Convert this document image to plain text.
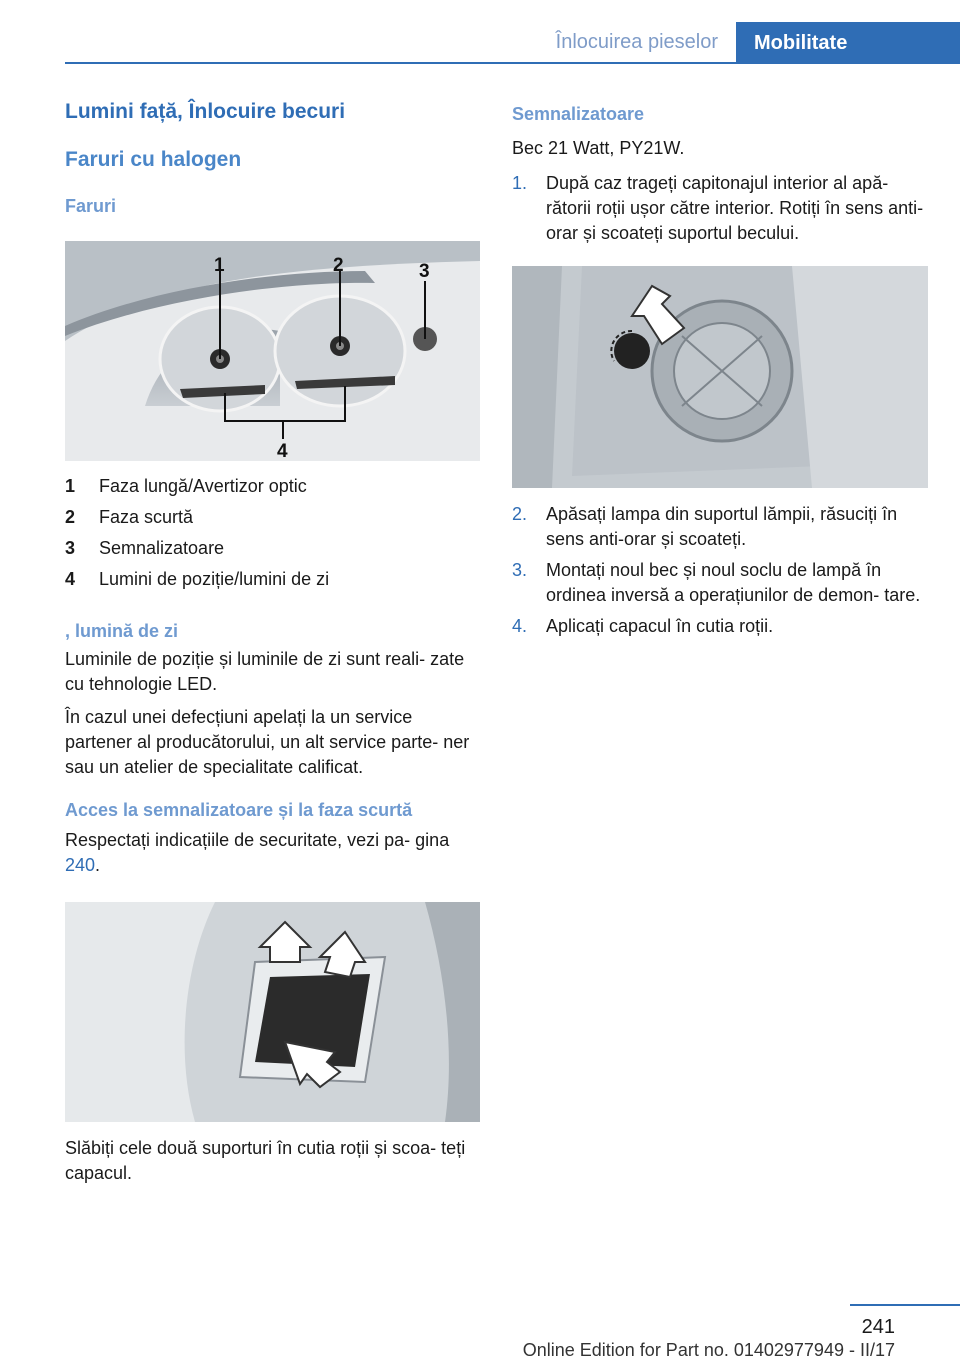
Înlocuirea pieselor	Mobilitate
Lumini față, Înlocuire becuri
Faruri cu halogen
Faruri
1	2	3
4
1	Faza lungă/Avertizor optic
2	Faza scurtă
3	Semnalizatoare
4	Lumini de poziție/lumini de zi
, lumină de zi

Luminile de poziție și luminile de zi sunt reali‐ zate cu tehnologie LED.

În cazul unei defecțiuni apelați la un service partener al producătorului, un alt service parte‐ ner sau un atelier de specialitate calificat.

Acces la semnalizatoare și la faza scurtă

Respectați indicațiile de securitate, vezi pa‐ gina 240.

Slăbiți cele două suporturi în cutia roții și scoa‐ teți capacul.

Semnalizatoare

Bec 21 Watt, PY21W.

1.	După caz trageți capitonajul interior al apă‐ rătorii roții ușor către interior. Rotiți în sens anti-orar și scoateți suportul becului.
2.	Apăsați lampa din suportul lămpii, răsuciți în sens anti-orar și scoateți.
3.	Montați noul bec și noul soclu de lampă în ordinea inversă a operațiunilor de demon‐ tare.
4.	Aplicați capacul în cutia roții.
241
Online Edition for Part no. 01402977949 - II/17
